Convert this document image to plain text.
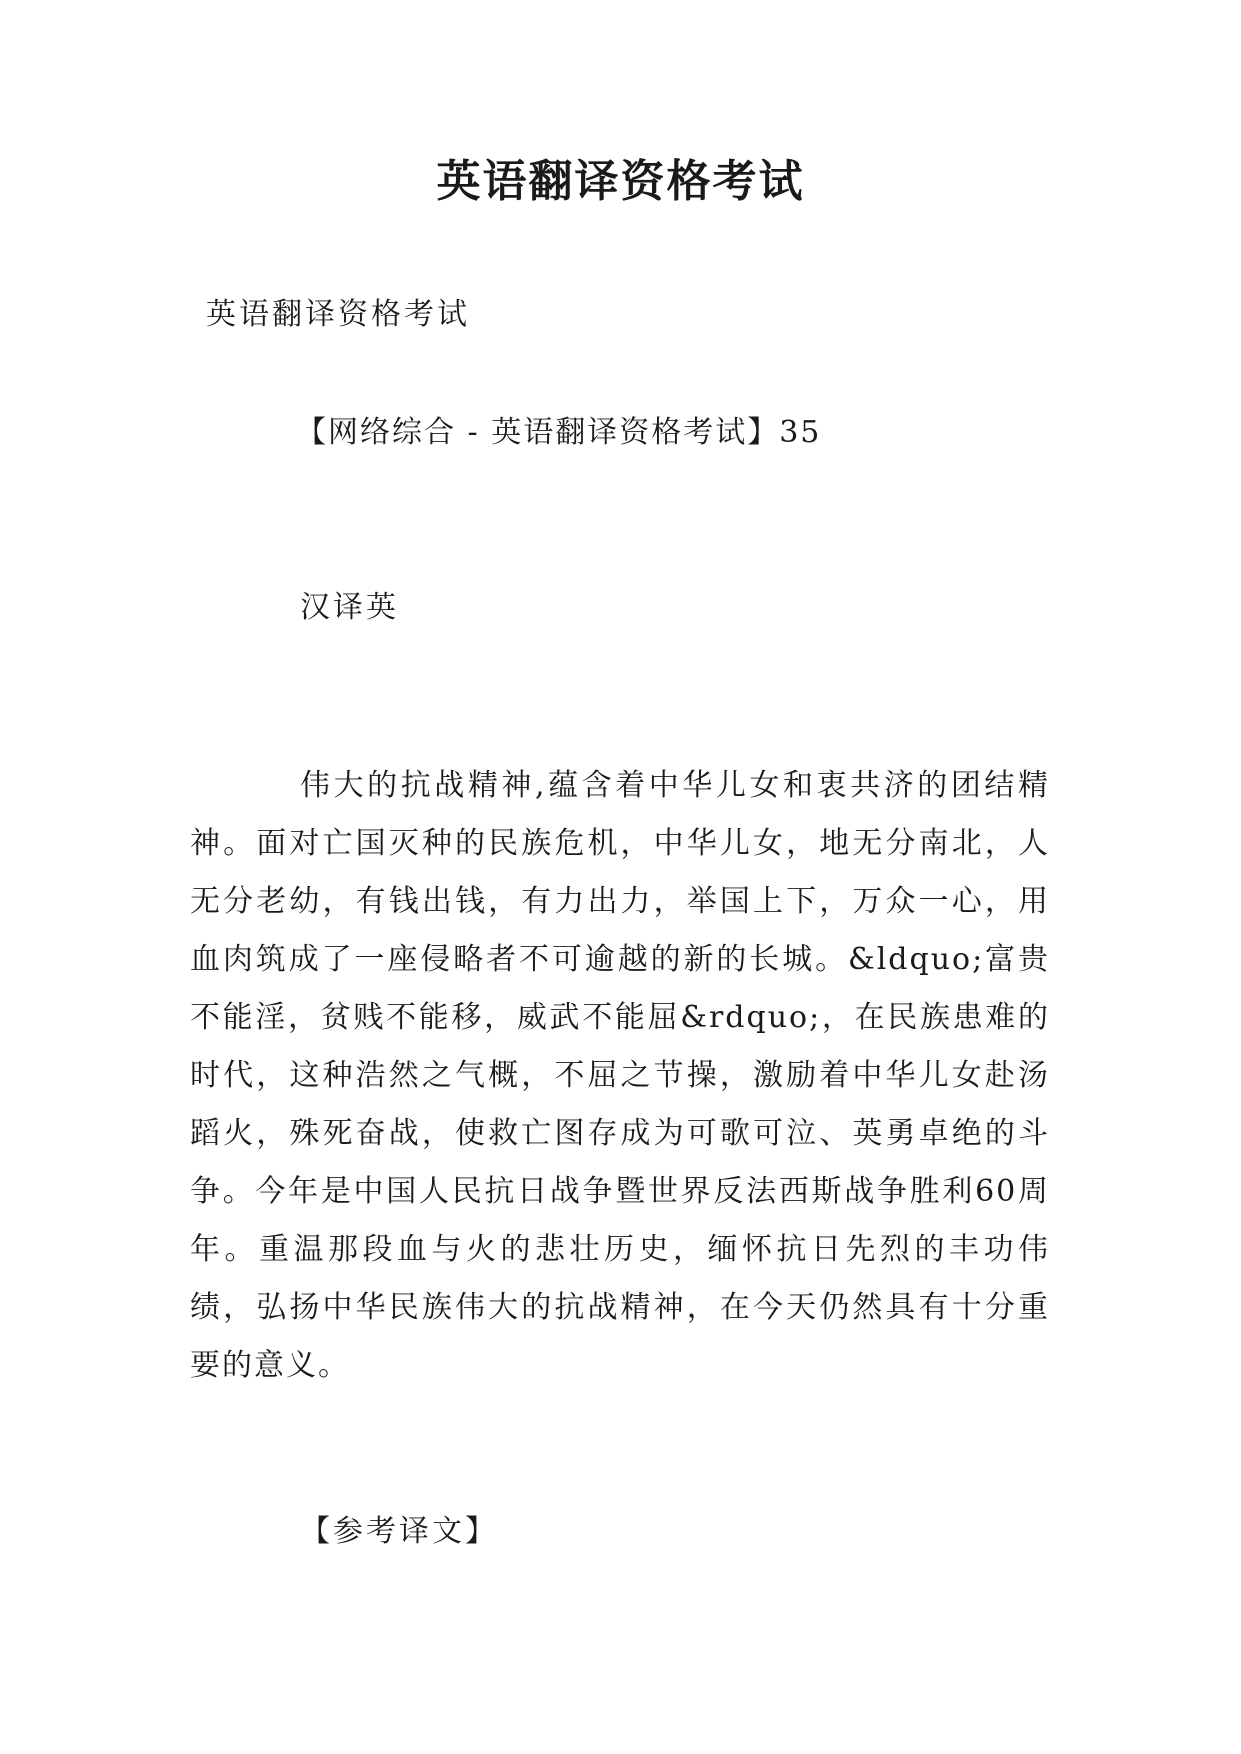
英语翻译资格考试

英语翻译资格考试

【网络综合 - 英语翻译资格考试】35

汉译英

伟大的抗战精神,蕴含着中华儿女和衷共济的团结精神。面对亡国灭种的民族危机，中华儿女，地无分南北，人无分老幼，有钱出钱，有力出力，举国上下，万众一心，用血肉筑成了一座侵略者不可逾越的新的长城。&ldquo;富贵不能淫，贫贱不能移，威武不能屈&rdquo;，在民族患难的时代，这种浩然之气概，不屈之节操，激励着中华儿女赴汤蹈火，殊死奋战，使救亡图存成为可歌可泣、英勇卓绝的斗争。今年是中国人民抗日战争暨世界反法西斯战争胜利60周年。重温那段血与火的悲壮历史，缅怀抗日先烈的丰功伟绩，弘扬中华民族伟大的抗战精神，在今天仍然具有十分重要的意义。

【参考译文】
